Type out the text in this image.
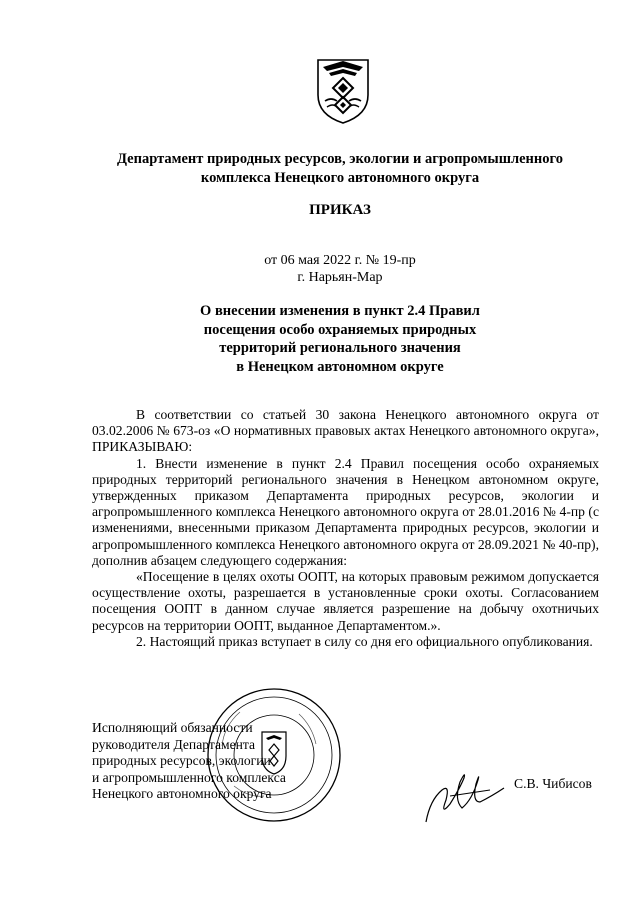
Департамент природных ресурсов, экологии и агропромышленного
комплекса Ненецкого автономного округа
ПРИКАЗ
от 06 мая 2022 г. № 19-пр
г. Нарьян-Мар
О внесении изменения в пункт 2.4 Правил
посещения особо охраняемых природных
территорий регионального значения
в Ненецком автономном округе

В соответствии со статьей 30 закона Ненецкого автономного округа от 03.02.2006 № 673-оз «О нормативных правовых актах Ненецкого автономного округа», ПРИКАЗЫВАЮ:

1. Внести изменение в пункт 2.4 Правил посещения особо охраняемых природных территорий регионального значения в Ненецком автономном округе, утвержденных приказом Департамента природных ресурсов, экологии и агропромышленного комплекса Ненецкого автономного округа от 28.01.2016 № 4-пр (с изменениями, внесенными приказом Департамента природных ресурсов, экологии и агропромышленного комплекса Ненецкого автономного округа от 28.09.2021 № 40-пр), дополнив абзацем следующего содержания:

«Посещение в целях охоты ООПТ, на которых правовым режимом допускается осуществление охоты, разрешается в установленные сроки охоты. Согласованием посещения ООПТ в данном случае является разрешение на добычу охотничьих ресурсов на территории ООПТ, выданное Департаментом.».

2. Настоящий приказ вступает в силу со дня его официального опубликования.

Исполняющий обязанности
руководителя Департамента
природных ресурсов, экологии
и агропромышленного комплекса
Ненецкого автономного округа
С.В. Чибисов
